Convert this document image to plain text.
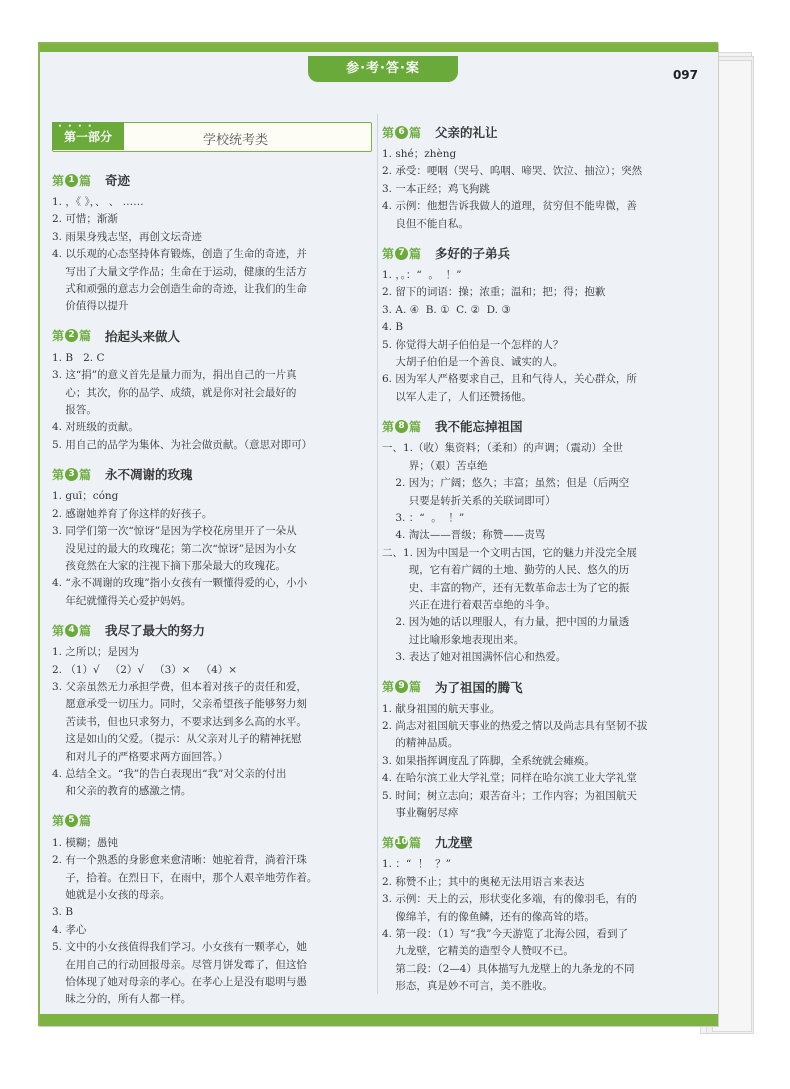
参·考·答·案	097
• • • •
第一部分	学校统考类
第 1 篇 奇迹
1. ，《 》，、 、 ……
2. 可惜；渐渐
3. 雨果身残志坚，再创文坛奇迹
4. 以乐观的心态坚持体育锻炼，创造了生命的奇迹，并
写出了大量文学作品；生命在于运动，健康的生活方
式和顽强的意志力会创造生命的奇迹，让我们的生命
价值得以提升
第 2 篇 抬起头来做人
1. B   2. C
3. 这“捐”的意义首先是量力而为，捐出自己的一片真
心；其次，你的品学、成绩，就是你对社会最好的
报答。
4. 对班级的贡献。
5. 用自己的品学为集体、为社会做贡献。（意思对即可）
第 3 篇 永不凋谢的玫瑰
1. guī；cóng
2. 感谢她养育了你这样的好孩子。
3. 同学们第一次“惊讶”是因为学校花房里开了一朵从
没见过的最大的玫瑰花；第二次“惊讶”是因为小女
孩竟然在大家的注视下摘下那朵最大的玫瑰花。
4. “永不凋谢的玫瑰”指小女孩有一颗懂得爱的心，小小
年纪就懂得关心爱护妈妈。
第 4 篇 我尽了最大的努力
1. 之所以；是因为
2. （1）√   （2）√   （3）×   （4）×
3. 父亲虽然无力承担学费，但本着对孩子的责任和爱，
愿意承受一切压力。同时，父亲希望孩子能够努力刻
苦读书，但也只求努力，不要求达到多么高的水平。
这是如山的父爱。（提示：从父亲对儿子的精神抚慰
和对儿子的严格要求两方面回答。）
4. 总结全文。“我”的告白表现出“我”对父亲的付出
和父亲的教育的感激之情。
第 5 篇
1. 模糊；愚钝
2. 有一个熟悉的身影愈来愈清晰：她驼着背，淌着汗珠
子，拾着。在烈日下，在雨中，那个人艰辛地劳作着。
她就是小女孩的母亲。
3. B
4. 孝心
5. 文中的小女孩值得我们学习。小女孩有一颗孝心，她
在用自己的行动回报母亲。尽管月饼发霉了，但这恰
恰体现了她对母亲的孝心。在孝心上是没有聪明与愚
昧之分的，所有人都一样。
第 6 篇 父亲的礼让
1. shé；zhèng
2. 承受：哽咽（哭号、呜咽、啼哭、饮泣、抽泣）；突然
3. 一本正经；鸡飞狗跳
4. 示例：他想告诉我做人的道理，贫穷但不能卑微，善
良但不能自私。
第 7 篇 多好的子弟兵
1. ，。：“  。  ！”
2. 留下的词语：操；浓重；温和；把；得；抱歉
3. A. ④  B. ①  C. ②  D. ③
4. B
5. 你觉得大胡子伯伯是一个怎样的人？
大胡子伯伯是一个善良、诚实的人。
6. 因为军人严格要求自己，且和气待人，关心群众，所
以军人走了，人们还赞扬他。
第 8 篇 我不能忘掉祖国
一、1.（收）集资料；（柔和）的声调；（震动）全世
界；（艰）苦卓绝
2. 因为；广阔；悠久；丰富；虽然；但是（后两空
只要是转折关系的关联词即可）
3. ：“  。  ！”
4. 淘汰——晋级；称赞——责骂
二、1. 因为中国是一个文明古国，它的魅力并没完全展
现，它有着广阔的土地、勤劳的人民、悠久的历
史、丰富的物产，还有无数革命志士为了它的振
兴正在进行着艰苦卓绝的斗争。
2. 因为她的话以理服人，有力量，把中国的力量透
过比喻形象地表现出来。
3. 表达了她对祖国满怀信心和热爱。
第 9 篇 为了祖国的腾飞
1. 献身祖国的航天事业。
2. 尚志对祖国航天事业的热爱之情以及尚志具有坚韧不拔
的精神品质。
3. 如果指挥调度乱了阵脚，全系统就会瘫痪。
4. 在哈尔滨工业大学礼堂；同样在哈尔滨工业大学礼堂
5. 时间；树立志向；艰苦奋斗；工作内容；为祖国航天
事业鞠躬尽瘁
第 10 篇 九龙壁
1. ：“  ！  ？”
2. 称赞不止；其中的奥秘无法用语言来表达
3. 示例：天上的云，形状变化多端，有的像羽毛，有的
像绵羊，有的像鱼鳞，还有的像高耸的塔。
4. 第一段：（1）写“我”今天游览了北海公园，看到了
九龙壁，它精美的造型令人赞叹不已。
第二段：（2—4）具体描写九龙壁上的九条龙的不同
形态，真是妙不可言，美不胜收。
